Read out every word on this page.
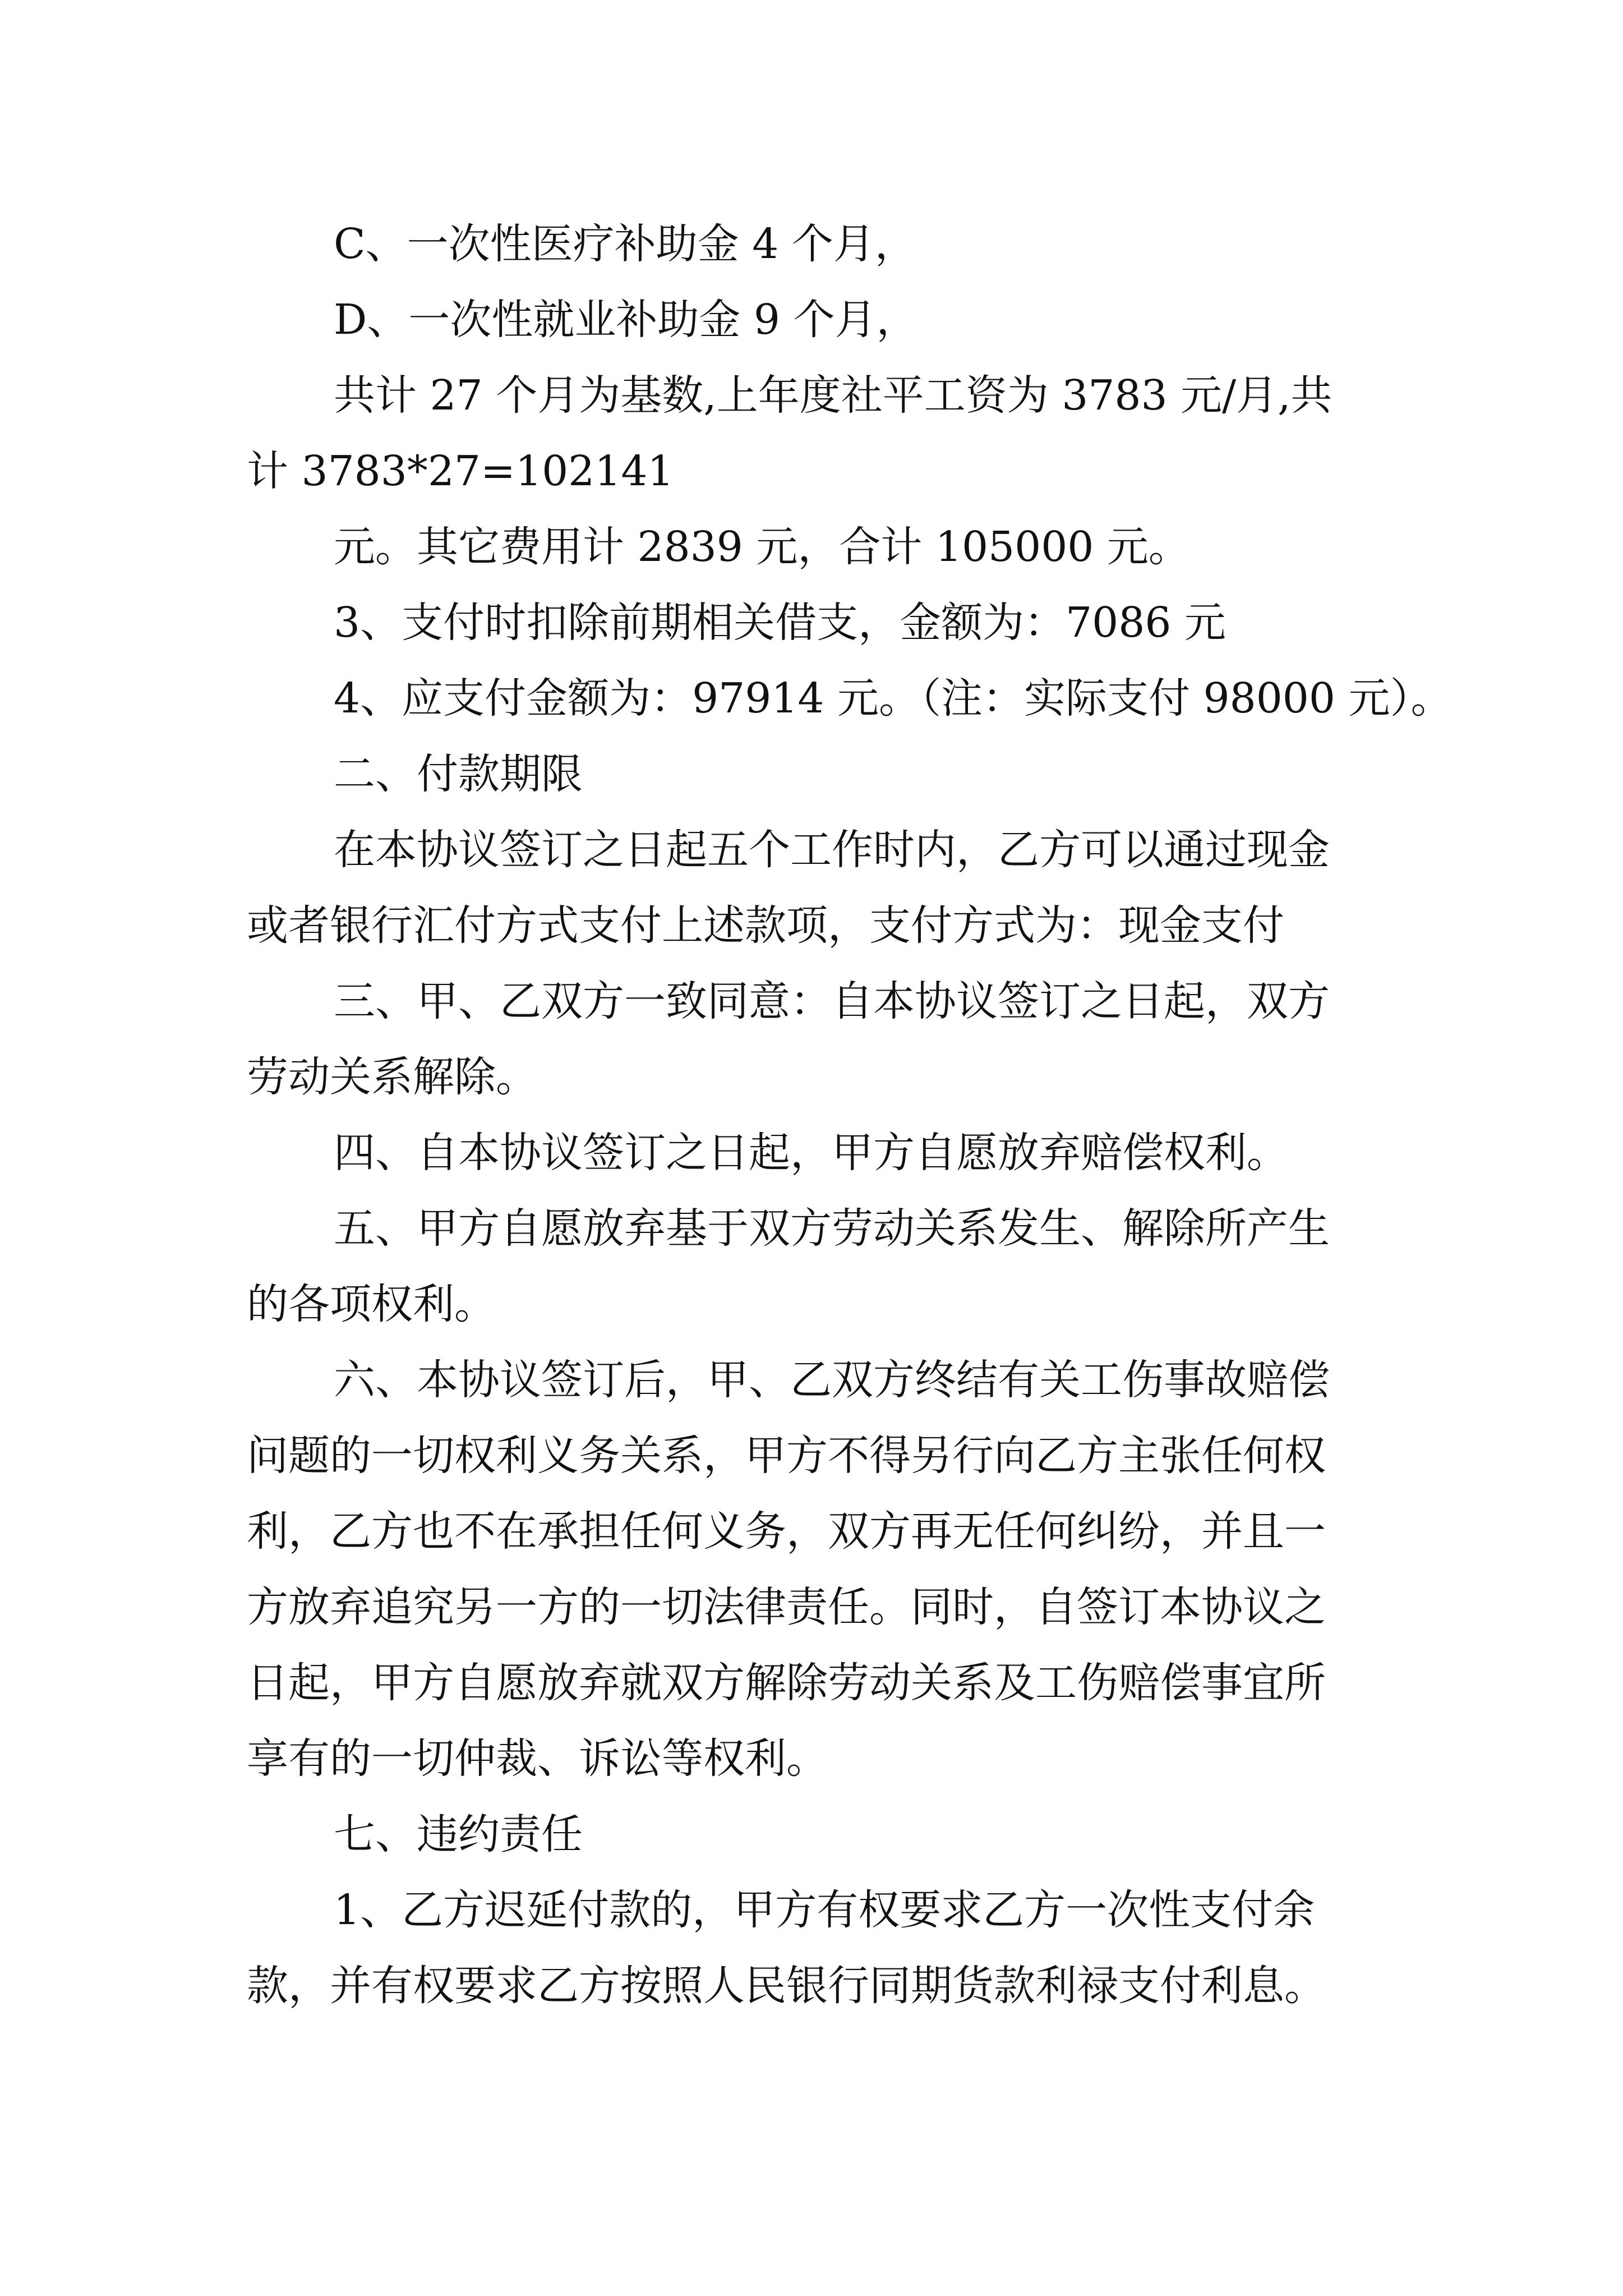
C、一次性医疗补助金 4 个月，
D、一次性就业补助金 9 个月，
共计 27 个月为基数,上年度社平工资为 3783 元/月,共
计 3783*27=102141
元。其它费用计 2839 元，合计 105000 元。
3、支付时扣除前期相关借支，金额为：7086 元
4、应支付金额为：97914 元。（注：实际支付 98000 元）。
二、付款期限
在本协议签订之日起五个工作时内，乙方可以通过现金
或者银行汇付方式支付上述款项，支付方式为：现金支付
三、甲、乙双方一致同意：自本协议签订之日起，双方
劳动关系解除。
四、自本协议签订之日起，甲方自愿放弃赔偿权利。
五、甲方自愿放弃基于双方劳动关系发生、解除所产生
的各项权利。
六、本协议签订后，甲、乙双方终结有关工伤事故赔偿
问题的一切权利义务关系，甲方不得另行向乙方主张任何权
利，乙方也不在承担任何义务，双方再无任何纠纷，并且一
方放弃追究另一方的一切法律责任。同时，自签订本协议之
日起，甲方自愿放弃就双方解除劳动关系及工伤赔偿事宜所
享有的一切仲裁、诉讼等权利。
七、违约责任
1、乙方迟延付款的，甲方有权要求乙方一次性支付余
款，并有权要求乙方按照人民银行同期货款利禄支付利息。
